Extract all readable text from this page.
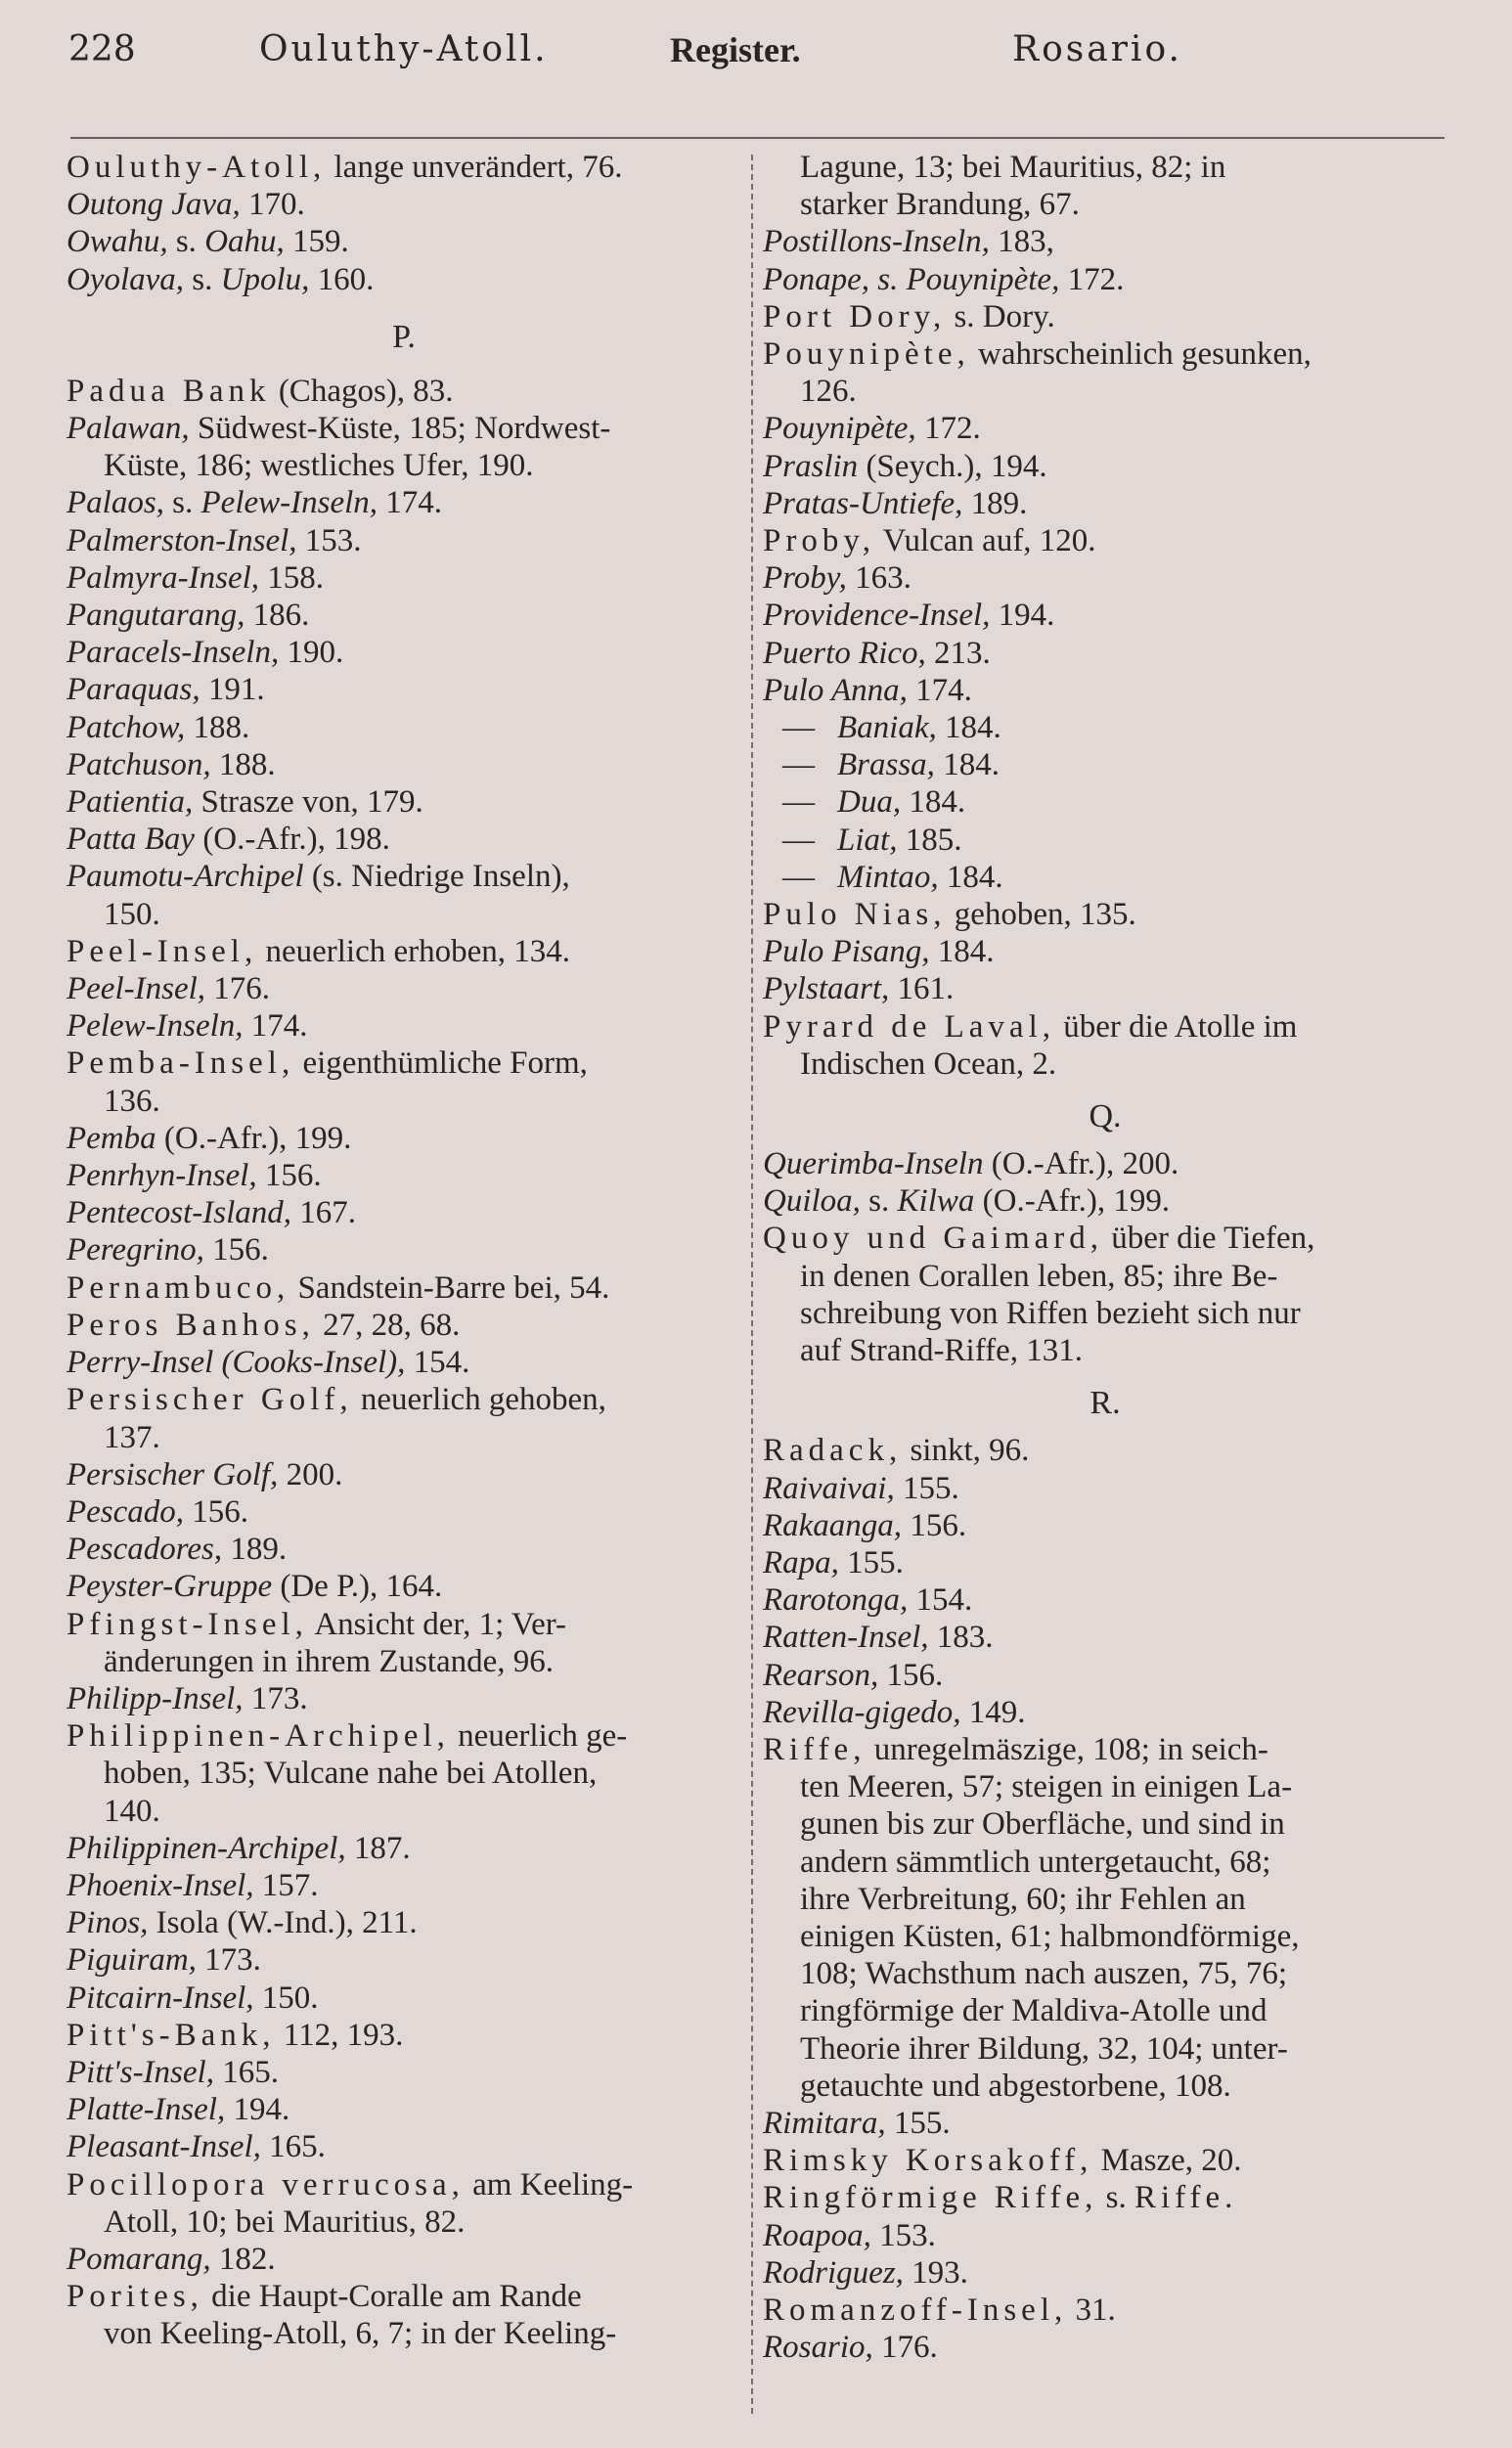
228	Ouluthy-Atoll.	Register.	Rosario.

Ouluthy-Atoll, lange unverändert, 76.

Outong Java, 170.

Owahu, s. Oahu, 159.

Oyolava, s. Upolu, 160.

P.

Padua Bank (Chagos), 83.

Palawan, Südwest-Küste, 185; Nordwest-

Küste, 186; westliches Ufer, 190.

Palaos, s. Pelew-Inseln, 174.

Palmerston-Insel, 153.

Palmyra-Insel, 158.

Pangutarang, 186.

Paracels-Inseln, 190.

Paraquas, 191.

Patchow, 188.

Patchuson, 188.

Patientia, Strasze von, 179.

Patta Bay (O.-Afr.), 198.

Paumotu-Archipel (s. Niedrige Inseln),

150.

Peel-Insel, neuerlich erhoben, 134.

Peel-Insel, 176.

Pelew-Inseln, 174.

Pemba-Insel, eigenthümliche Form,

136.

Pemba (O.-Afr.), 199.

Penrhyn-Insel, 156.

Pentecost-Island, 167.

Peregrino, 156.

Pernambuco, Sandstein-Barre bei, 54.

Peros Banhos, 27, 28, 68.

Perry-Insel (Cooks-Insel), 154.

Persischer Golf, neuerlich gehoben,

137.

Persischer Golf, 200.

Pescado, 156.

Pescadores, 189.

Peyster-Gruppe (De P.), 164.

Pfingst-Insel, Ansicht der, 1; Ver-

änderungen in ihrem Zustande, 96.

Philipp-Insel, 173.

Philippinen-Archipel, neuerlich ge-

hoben, 135; Vulcane nahe bei Atollen,

140.

Philippinen-Archipel, 187.

Phoenix-Insel, 157.

Pinos, Isola (W.-Ind.), 211.

Piguiram, 173.

Pitcairn-Insel, 150.

Pitt's-Bank, 112, 193.

Pitt's-Insel, 165.

Platte-Insel, 194.

Pleasant-Insel, 165.

Pocillopora verrucosa, am Keeling-

Atoll, 10; bei Mauritius, 82.

Pomarang, 182.

Porites, die Haupt-Coralle am Rande

von Keeling-Atoll, 6, 7; in der Keeling-

Lagune, 13; bei Mauritius, 82; in

starker Brandung, 67.

Postillons-Inseln, 183,

Ponape, s. Pouynipète, 172.

Port Dory, s. Dory.

Pouynipète, wahrscheinlich gesunken,

126.

Pouynipète, 172.

Praslin (Seych.), 194.

Pratas-Untiefe, 189.

Proby, Vulcan auf, 120.

Proby, 163.

Providence-Insel, 194.

Puerto Rico, 213.

Pulo Anna, 174.

— Baniak, 184.

— Brassa, 184.

— Dua, 184.

— Liat, 185.

— Mintao, 184.

Pulo Nias, gehoben, 135.

Pulo Pisang, 184.

Pylstaart, 161.

Pyrard de Laval, über die Atolle im

Indischen Ocean, 2.

Q.

Querimba-Inseln (O.-Afr.), 200.

Quiloa, s. Kilwa (O.-Afr.), 199.

Quoy und Gaimard, über die Tiefen,

in denen Corallen leben, 85; ihre Be-

schreibung von Riffen bezieht sich nur

auf Strand-Riffe, 131.

R.

Radack, sinkt, 96.

Raivaivai, 155.

Rakaanga, 156.

Rapa, 155.

Rarotonga, 154.

Ratten-Insel, 183.

Rearson, 156.

Revilla-gigedo, 149.

Riffe, unregelmäszige, 108; in seich-

ten Meeren, 57; steigen in einigen La-

gunen bis zur Oberfläche, und sind in

andern sämmtlich untergetaucht, 68;

ihre Verbreitung, 60; ihr Fehlen an

einigen Küsten, 61; halbmondförmige,

108; Wachsthum nach auszen, 75, 76;

ringförmige der Maldiva-Atolle und

Theorie ihrer Bildung, 32, 104; unter-

getauchte und abgestorbene, 108.

Rimitara, 155.

Rimsky Korsakoff, Masze, 20.

Ringförmige Riffe, s. Riffe.

Roapoa, 153.

Rodriguez, 193.

Romanzoff-Insel, 31.

Rosario, 176.
